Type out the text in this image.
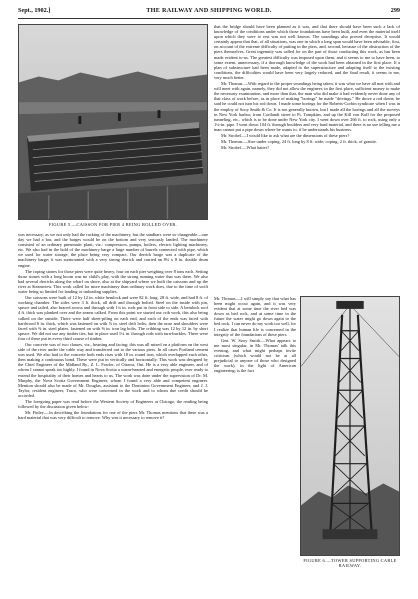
Sept., 1902.]	THE RAILWAY AND SHIPPING WORLD.	299
FIGURE 5.—CAISSON FOR PIER 4 BEING ROLLED OVER.

that the bridge should have been planned as it was, and that there should have been such a lack of knowledge of the conditions under which those foundations have been built, and even the material itself upon which they were to rest was not well known. The soundings also proved deceptive. It would certainly appear that that, of all situations, was one in which a long span would have been advisable, first, on account of the extreme difficulty of putting in the piers, and, second, because of the obstruction of the piers themselves. Great ingenuity was called for on the part of those conducting this work, as has been made evident to-us. The greatest difficulty was imposed upon them, and it seems to me to have been, to some extent, unnecessary, if a thorough knowledge of the work had been obtained in the first place. If a plan of substructure had been made, adapted to the superstructure and adapting itself to the existing conditions, the difficulties would have been very largely reduced, and the final result, it seems to me, very much better.

Mr. Thomas.—With regard to the proper soundings being taken, it was what we have all met with and will meet with again, namely, they did not allow the engineer, in the first place, sufficient money to make the necessary examination, and more than that, the man who did make it had evidently never done any of that class of work before, as in place of making "borings" he made "drivings." He drove a rod down; he said he could not turn his rod down. I made some borings for the Roberts-Corbin syndicate when I was in the employ of Sooy Smith & Co. It is not generally known, but I made all the borings and all the surveys in New York harbor, from Cortlandt street to Ft. Tompkins, and up the Kill von Kull for the proposed tunneling, etc., which is to be done under New York city. I went down over 266 ft. to rock, using only a 1¼-in. pipe. I went down 104 ft. through boulders and very hard material, and there is no use telling me a man cannot put a pipe down where he wants to, if he understands his business.

Mr. Strobel.—I would like to ask what are the dimensions of these piers?

Mr. Thomas.—Size under coping, 24 ft. long by 8 ft. wide; coping, 2 ft. thick, of granite.

Mr. Strobel.—What batter?

was necessary, as we not only had the racking of the machinery, but the sandbars were so changeable—one day we had a bar, and the barges would be on the bottom and very seriously landed. The machinery consisted of an ordinary pneumatic plant, viz.: compressors, pumps, boilers, electric lighting machinery, etc. We also had in the hold of the machinery barge a large number of barrels connected with pipe, which we used for water storage, the place being very compact. Our derrick barge was a duplicate of the machinery barge; it was surmounted with a very strong derrick and carried an 8¾ x 8 in. double drum engine.

The coping stones for those piers were quite heavy, four on each pier weighing over 8 tons each. Setting those stones with a long boom was no child's play, with the strong running water that was there. We also had several derricks along the wharf on shore, also at the shipyard where we built the caissons and up the river at Steamview. This work called for more machinery than ordinary work does, due to the time of swift water being so limited for landing or unloading supplies.

Our caissons were built of 12 by 12 in. white hemlock and were 82 ft. long, 28 ft. wide, and had 8 ft. of working chamber. The sides were 3 ft. thick, all drift and through bolted. Steel on the inside with pin, spruce and tailed, also braced across and through with 1¼ in. rods put in from side to side. A hemlock roof 4 ft. thick was planked over and the seams calked. From this point we started our crib work, this also being calked on the outside. There were half sheet-piling on each end, and each of the ends was faced with hardwood 6 in. thick, which was fastened on with ⅞ in. steel drift bolts; then the nose and shoulders were faced with ⅜ in. steel plates, fastened on with ⅜ in. iron lag bolts. The cribbing was 12 by 12 in. by short spruce. We did not use any timber ties, but in place used 1¼ in. through rods with turn-buckles. There were four of these put in every third course of timber.

Our concrete was of two classes, viz., hearting and facing; this was all mixed on a platform on the west side of the river under the cable way and transferred out to the various piers. In all cases Portland cement was used. We also had to the concrete both ends rises with 18 in. round iron, which overlapped each other, then making a continuous bond. These were put in vertically and horizontally. This work was designed by the Chief Engineer of the Midland Ry., Z. L. Fowler, of Ottawa, Ont. He is a very able engineer, and of whom I cannot speak too highly. I found in Nova Scotia a warm-hearted and energetic people, ever ready to extend the hospitality of their homes and hearts to us. The work was done under the supervision of Dr. M. Murphy, the Nova Scotia Government Engineer, whom I found a very able and competent engineer. Mention should also be made of Mr. Douglas, assistant to the Dominion Government Engineer, and J. J. Taylor, resident engineer, Truro, who were concerned in the work and to whom due credit should be accorded.

The foregoing paper was read before the Western Society of Engineers at Chicago, the reading being followed by the discussion given below:

Mr. Finley.—In describing the foundations for one of the piers Mr. Thomas mentions that there was a hard material that was very difficult to remove. Why was it necessary to remove it?

FIGURE 6.—TOWER SUPPORTING CABLE RAILWAY.

Mr. Thomas.—I will simply say that what has been might occur again, and it was very evident that at some time the river bed was down as bed rock, and at some time in the future the water might go down again to the bed rock. I can never do my work too well, for I realize that human life is concerned in the integrity of the foundations of these piers.

Gen. W. Sooy Smith.—What appears to me most singular, in Mr. Thomas' talk this evening, and what might perhaps invite criticism (which would not be at all prejudicial to anyone of those who designed the work), in the light of American engineering, is the fact
